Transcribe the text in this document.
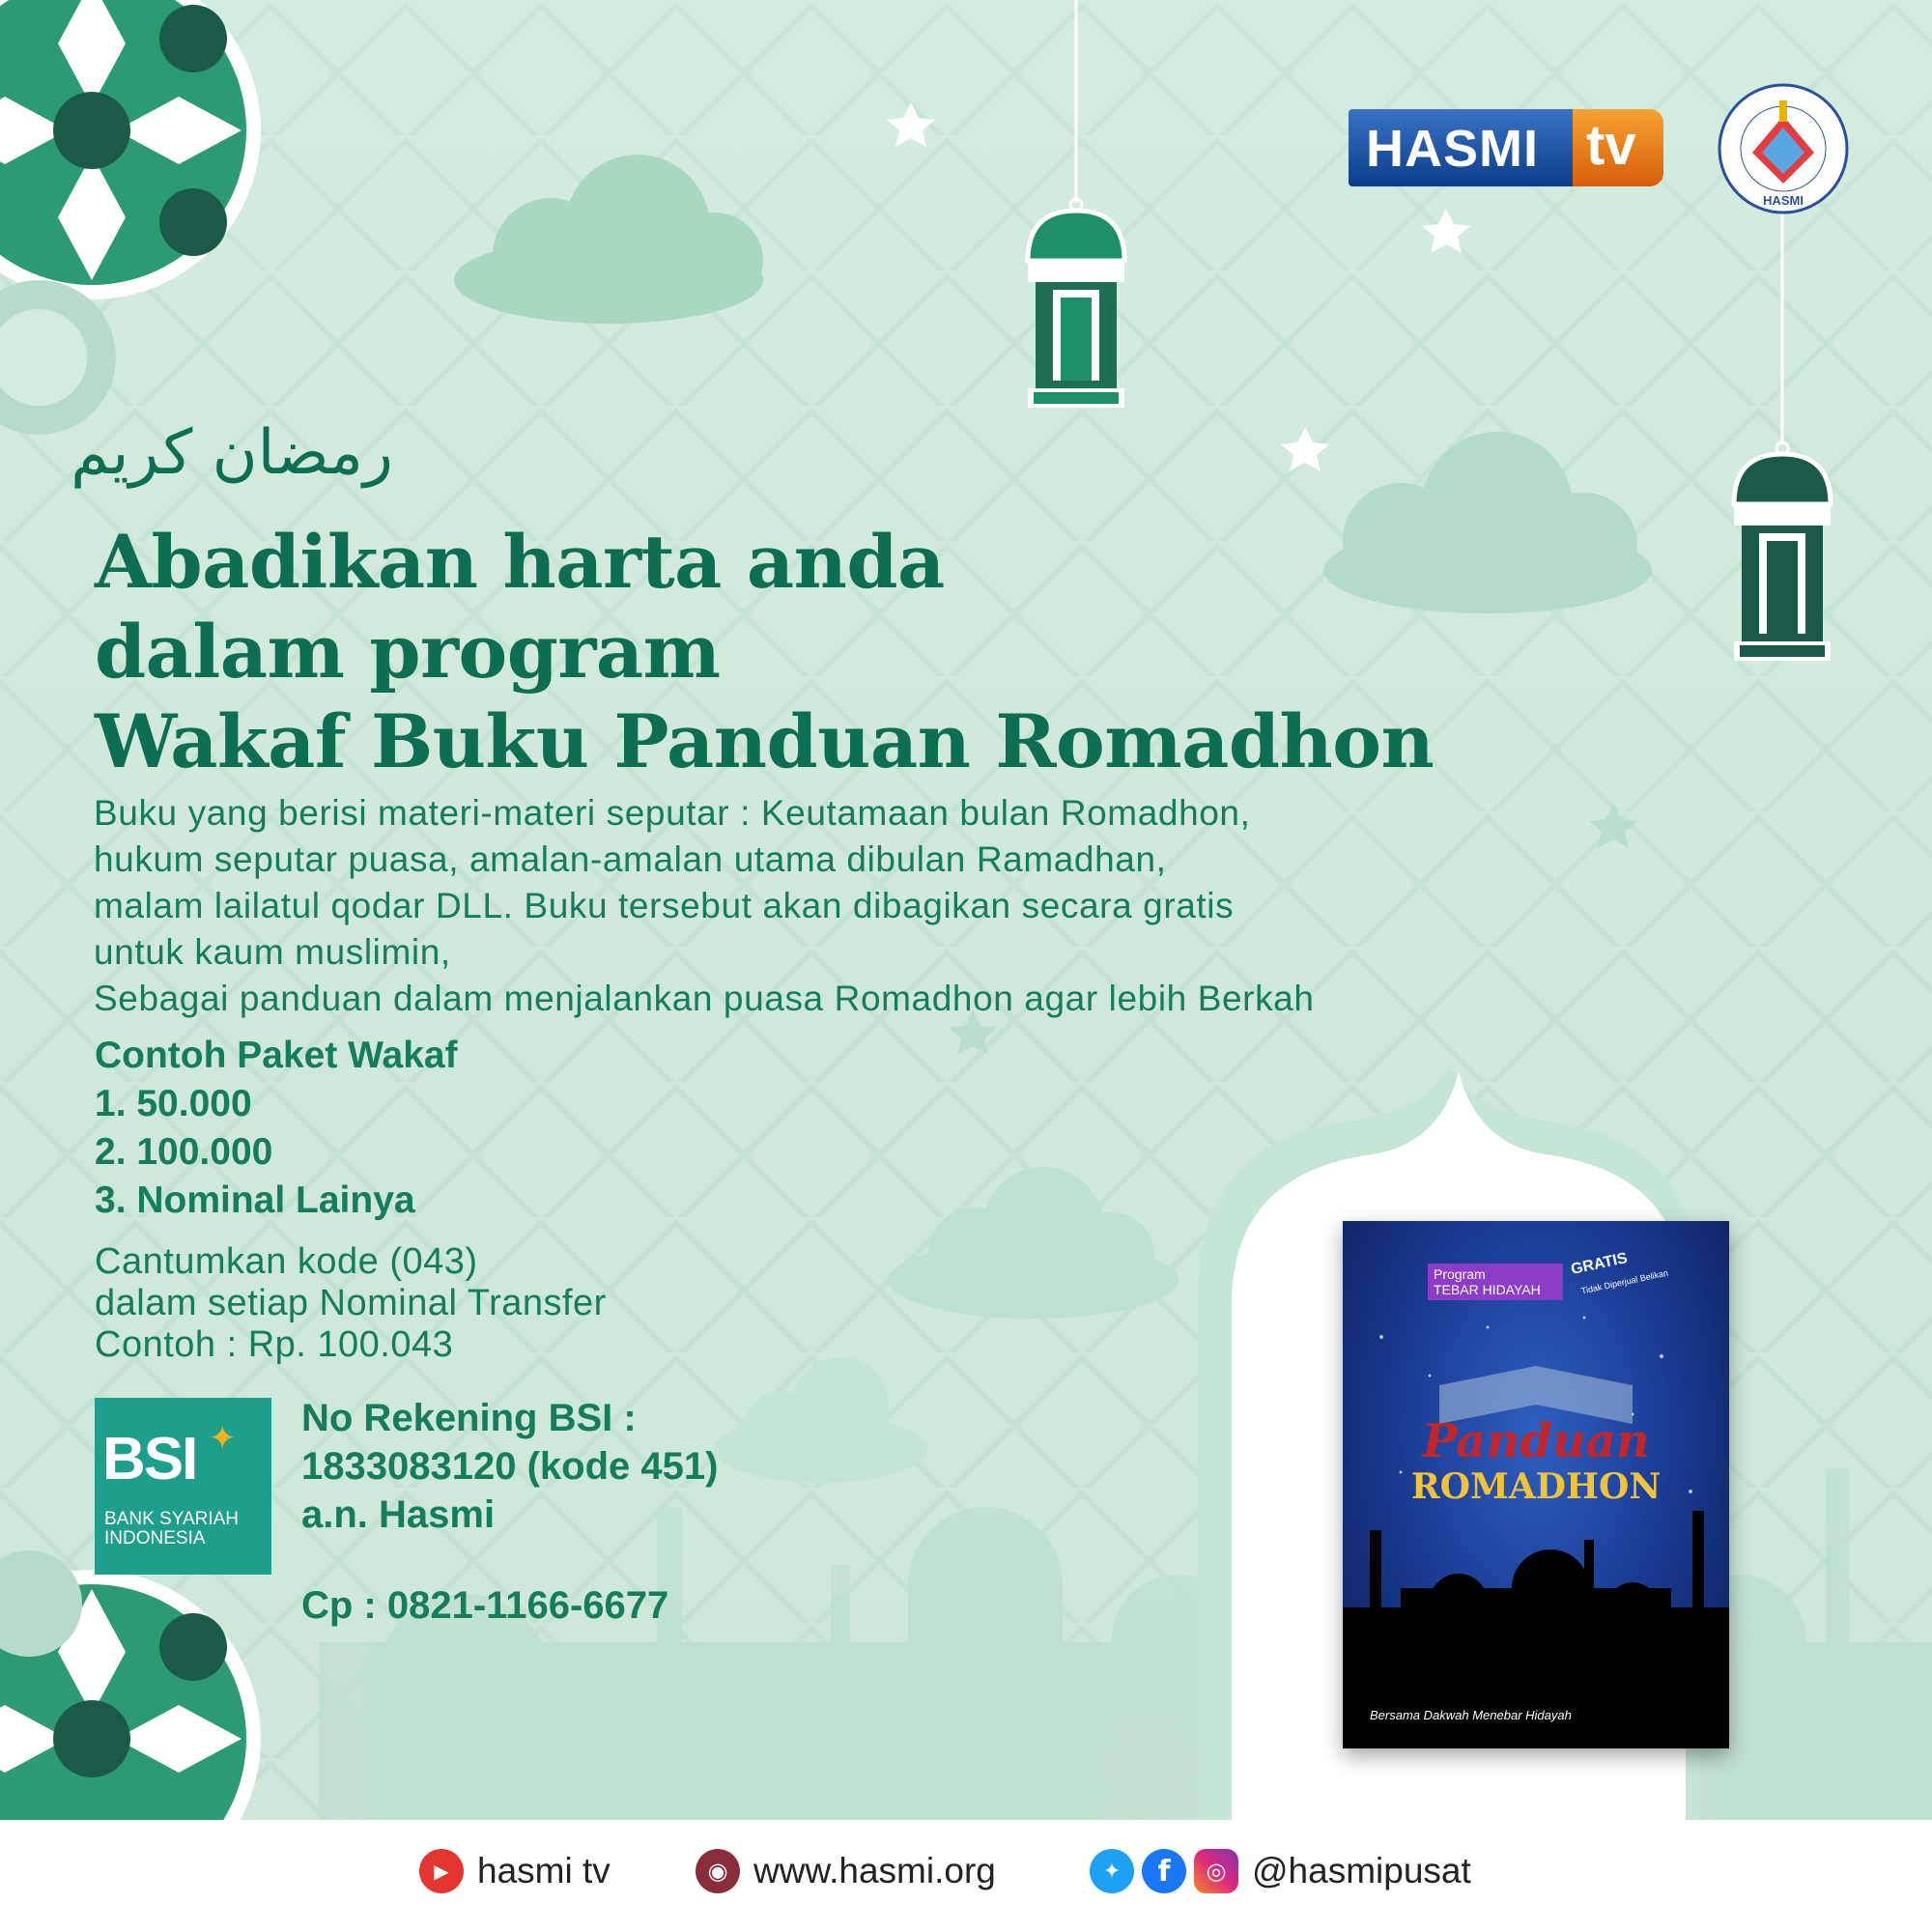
رمضان كريم
HASMI tv
HASMI
Abadikan harta anda
dalam program
Wakaf Buku Panduan Romadhon
Buku yang berisi materi-materi seputar : Keutamaan bulan Romadhon,
hukum seputar puasa, amalan-amalan utama dibulan Ramadhan,
malam lailatul qodar DLL. Buku tersebut akan dibagikan secara gratis
untuk kaum muslimin,
Sebagai panduan dalam menjalankan puasa Romadhon agar lebih Berkah
Contoh Paket Wakaf
1. 50.000
2. 100.000
3. Nominal Lainya
Cantumkan kode (043)
dalam setiap Nominal Transfer
Contoh : Rp. 100.043
BSI ✦
BANK SYARIAH
INDONESIA
No Rekening BSI :
1833083120 (kode 451)
a.n. Hasmi
Cp : 0821-1166-6677
Program
TEBAR HIDAYAH
GRATIS
Tidak Diperjual Belikan
Panduan
ROMADHON
Bersama Dakwah Menebar Hidayah
▶ hasmi tv	◉ www.hasmi.org	✦	f	◎ @hasmipusat
